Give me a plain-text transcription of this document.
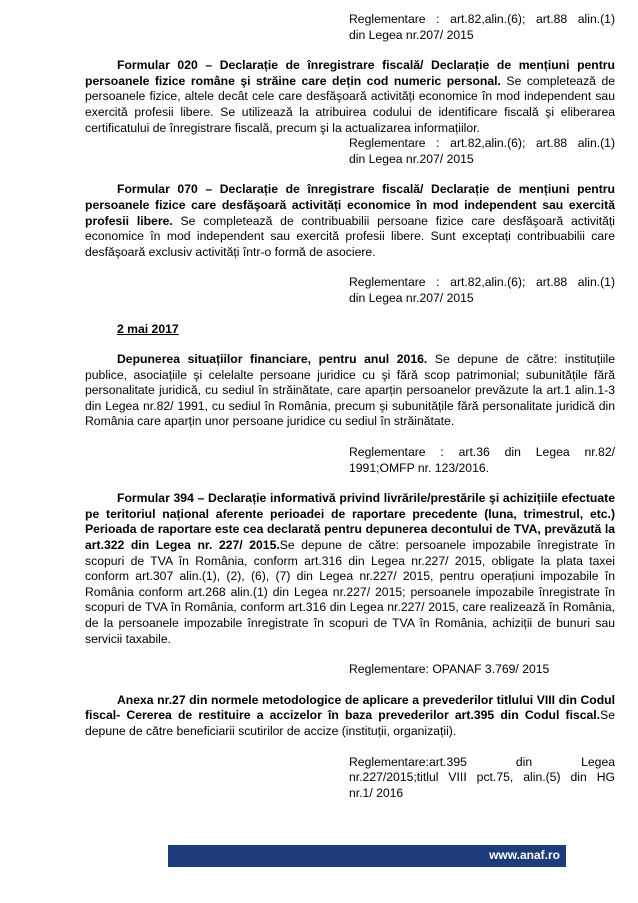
Reglementare : art.82,alin.(6); art.88 alin.(1)
din Legea nr.207/ 2015
Formular 020 – Declarație de înregistrare fiscală/ Declarație de mențiuni pentru persoanele fizice române şi străine care dețin cod numeric personal. Se completează de persoanele fizice, altele decât cele care desfăşoară activități economice în mod independent sau exercită profesii libere. Se utilizează la atribuirea codului de identificare fiscală şi eliberarea certificatului de înregistrare fiscală, precum şi la actualizarea informațiilor.
Reglementare : art.82,alin.(6); art.88 alin.(1)
din Legea nr.207/ 2015
Formular 070 – Declarație de înregistrare fiscală/ Declarație de mențiuni pentru persoanele fizice care desfăşoară activități economice în mod independent sau exercită profesii libere. Se completează de contribuabilii persoane fizice care desfăşoară activități economice în mod independent sau exercită profesii libere. Sunt exceptați contribuabilii care desfăşoară exclusiv activități într-o formă de asociere.
Reglementare : art.82,alin.(6); art.88 alin.(1)
din Legea nr.207/ 2015
2 mai 2017
Depunerea situațiilor financiare, pentru anul 2016. Se depune de către: instituțiile publice, asociațiile şi celelalte persoane juridice cu şi fără scop patrimonial; subunitățile fără personalitate juridică, cu sediul în străinătate, care aparțin persoanelor prevăzute la art.1 alin.1-3 din Legea nr.82/ 1991, cu sediul în România, precum şi subunitățile fără personalitate juridică din România care aparțin unor persoane juridice cu sediul în străinătate.
Reglementare : art.36 din Legea nr.82/
1991;OMFP nr. 123/2016.
Formular 394 – Declarație informativă privind livrările/prestările şi achizițiile efectuate pe teritoriul național aferente perioadei de raportare precedente (luna, trimestrul, etc.) Perioada de raportare este cea declarată pentru depunerea decontului de TVA, prevăzută la art.322 din Legea nr. 227/ 2015.Se depune de către: persoanele impozabile înregistrate în scopuri de TVA în România, conform art.316 din Legea nr.227/ 2015, obligate la plata taxei conform art.307 alin.(1), (2), (6), (7) din Legea nr.227/ 2015, pentru operațiuni impozabile în România conform art.268 alin.(1) din Legea nr.227/ 2015; persoanele impozabile înregistrate în scopuri de TVA în România, conform art.316 din Legea nr.227/ 2015, care realizează în România, de la persoanele impozabile înregistrate în scopuri de TVA în România, achiziții de bunuri sau servicii taxabile.
Reglementare: OPANAF 3.769/ 2015
Anexa nr.27 din normele metodologice de aplicare a prevederilor titlului VIII din Codul fiscal- Cererea de restituire a accizelor în baza prevederilor art.395 din Codul fiscal.Se depune de către beneficiarii scutirilor de accize (instituții, organizații).
Reglementare:art.395 din Legea
nr.227/2015;titlul VIII pct.75, alin.(5) din HG
nr.1/ 2016
www.anaf.ro
